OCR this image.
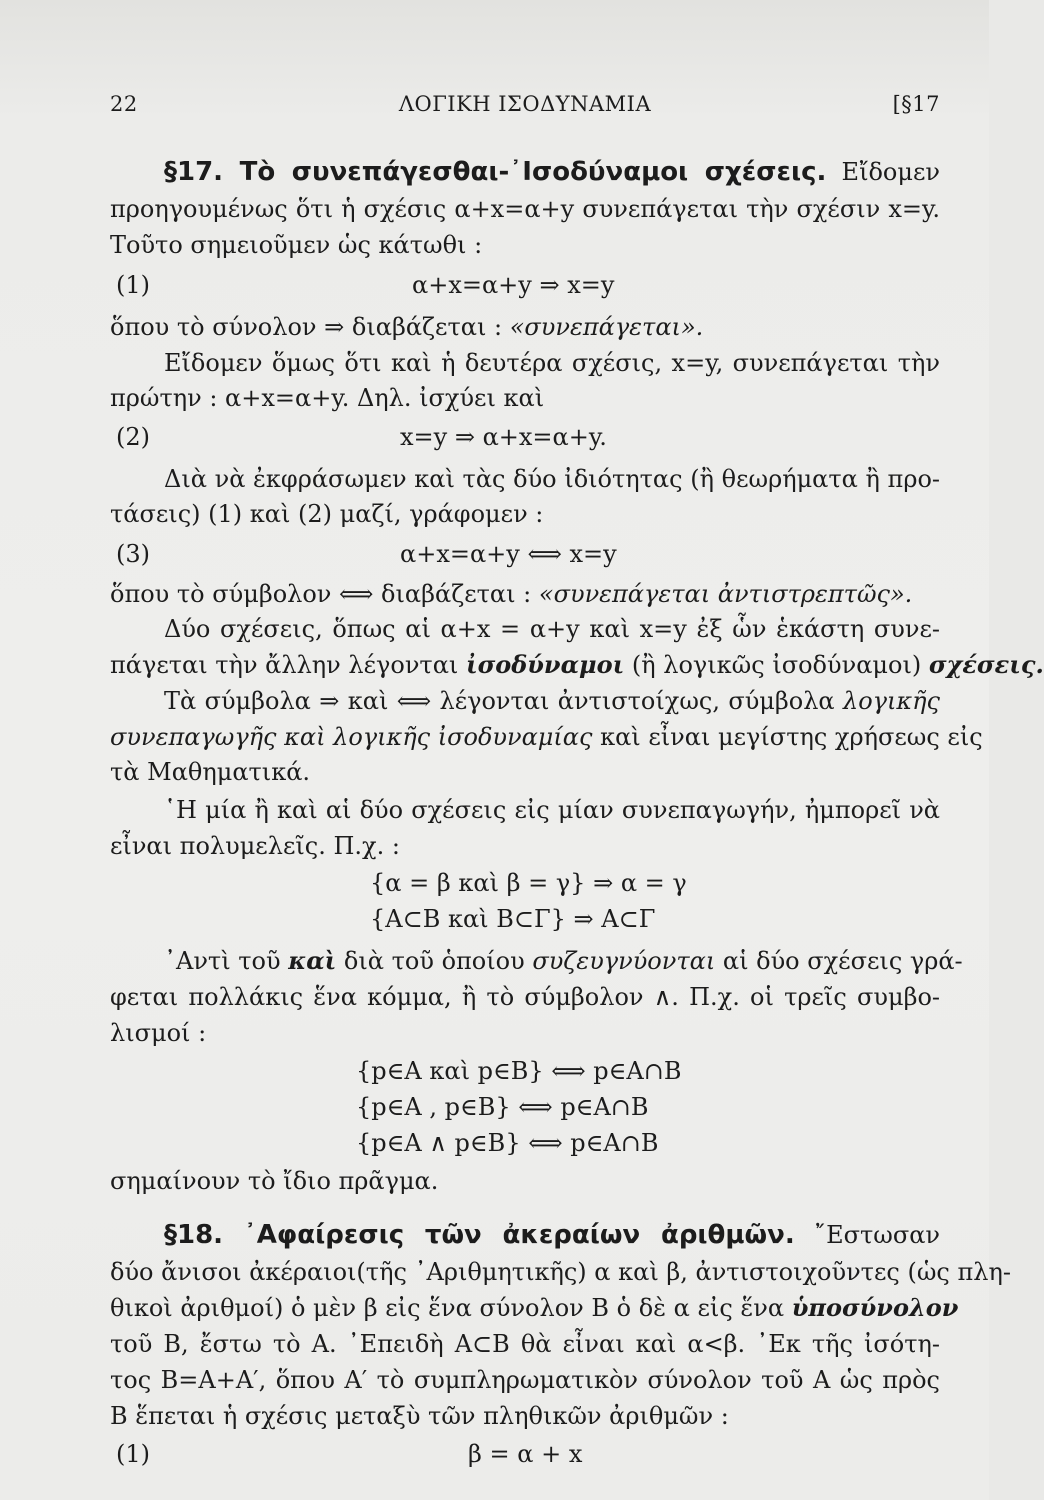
22	ΛΟΓΙΚΗ ΙΣΟΔΥΝΑΜΙΑ	[§17
§17. Τὸ συνεπάγεσθαι-᾿Ισοδύναμοι σχέσεις. Εἴδομεν
προηγουμένως ὅτι ἡ σχέσις α+x=α+y συνεπάγεται τὴν σχέσιν x=y.
Τοῦτο σημειοῦμεν ὡς κάτωθι :
(1)	α+x=α+y ⇒ x=y
ὅπου τὸ σύνολον ⇒ διαβάζεται : «συνεπάγεται».
Εἴδομεν ὅμως ὅτι καὶ ἡ δευτέρα σχέσις, x=y, συνεπάγεται τὴν
πρώτην : α+x=α+y. Δηλ. ἰσχύει καὶ
(2)	x=y ⇒ α+x=α+y.
Διὰ νὰ ἐκφράσωμεν καὶ τὰς δύο ἰδιότητας (ἢ θεωρήματα ἢ προ-
τάσεις) (1) καὶ (2) μαζί, γράφομεν :
(3)	α+x=α+y ⟺ x=y
ὅπου τὸ σύμβολον ⟺ διαβάζεται : «συνεπάγεται ἀντιστρεπτῶς».
Δύο σχέσεις, ὅπως αἱ α+x = α+y καὶ x=y ἐξ ὧν ἑκάστη συνε-
πάγεται τὴν ἄλλην λέγονται ἰσοδύναμοι (ἢ λογικῶς ἰσοδύναμοι) σχέσεις.
Τὰ σύμβολα ⇒ καὶ ⟺ λέγονται ἀντιστοίχως, σύμβολα λογικῆς
συνεπαγωγῆς καὶ λογικῆς ἰσοδυναμίας καὶ εἶναι μεγίστης χρήσεως εἰς
τὰ Μαθηματικά.
῾Η μία ἢ καὶ αἱ δύο σχέσεις εἰς μίαν συνεπαγωγήν, ἠμπορεῖ νὰ
εἶναι πολυμελεῖς. Π.χ. :
{α = β καὶ β = γ} ⇒ α = γ
{A⊂B καὶ B⊂Γ} ⇒ A⊂Γ
᾿Αντὶ τοῦ καὶ διὰ τοῦ ὁποίου συζευγνύονται αἱ δύο σχέσεις γρά-
φεται πολλάκις ἕνα κόμμα, ἢ τὸ σύμβολον ∧. Π.χ. οἱ τρεῖς συμβο-
λισμοί :
{p∈A καὶ p∈B} ⟺ p∈A∩B
{p∈A , p∈B} ⟺ p∈A∩B
{p∈A ∧ p∈B} ⟺ p∈A∩B
σημαίνουν τὸ ἴδιο πρᾶγμα.
§18. ᾿Αφαίρεσις τῶν ἀκεραίων ἀριθμῶν. ῎Εστωσαν
δύο ἄνισοι ἀκέραιοι(τῆς ᾿Αριθμητικῆς) α καὶ β, ἀντιστοιχοῦντες (ὡς πλη-
θικοὶ ἀριθμοί) ὁ μὲν β εἰς ἕνα σύνολον B ὁ δὲ α εἰς ἕνα ὑποσύνολον
τοῦ B, ἔστω τὸ A. ᾿Επειδὴ A⊂B θὰ εἶναι καὶ α<β. ᾿Εκ τῆς ἰσότη-
τος B=A+A′, ὅπου A′ τὸ συμπληρωματικὸν σύνολον τοῦ A ὡς πρὸς
B ἕπεται ἡ σχέσις μεταξὺ τῶν πληθικῶν ἀριθμῶν :
(1)	β = α + x
